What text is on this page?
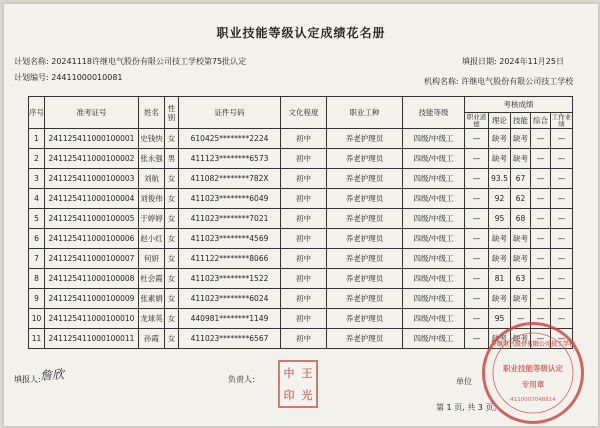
职业技能等级认定成绩花名册
计划名称: 20241118许继电气股份有限公司技工学校第75批认定	填报日期: 2024年11月25日
计划编号: 24411000010081	机构名称: 许继电气股份有限公司技工学校
序号	准考证号	姓名	性别	证件号码	文化程度	职业工种	技能等级	考核成绩				
								职业道德	理论	技能	综合	工作业绩
1	241125411000100001	史钱快	女	610425********2224	初中	养老护理员	四级/中级工	—	缺考	缺考	—	—
2	241125411000100002	张永强	男	411123********6573	初中	养老护理员	四级/中级工	—	缺考	缺考	—	—
3	241125411000100003	刘航	女	411082********782X	初中	养老护理员	四级/中级工	—	93.5	67	—	—
4	241125411000100004	刘俊伟	女	411023********6049	初中	养老护理员	四级/中级工	—	92	62	—	—
5	241125411000100005	于婷婷	女	411023********7021	初中	养老护理员	四级/中级工	—	95	68	—	—
6	241125411000100006	赵小红	女	411023********4569	初中	养老护理员	四级/中级工	—	缺考	缺考	—	—
7	241125411000100007	何妍	女	411122********8066	初中	养老护理员	四级/中级工	—	缺考	缺考	—	—
8	241125411000100008	杜会霞	女	411023********1522	初中	养老护理员	四级/中级工	—	81	63	—	—
9	241125411000100009	张素娟	女	411023********6024	初中	养老护理员	四级/中级工	—	缺考	缺考	—	—
10	241125411000100010	龙球英	女	440981********1149	初中	养老护理员	四级/中级工	—	95	—	—	—
11	241125411000100011	孙霞	女	411023********6567	初中	养老护理员	四级/中级工	—	缺考	缺考	—	—
填报人:
詹欣	负责人:	单位
第 1 页, 共 3 页。
中 王
印 光
许继电气股份有限公司技工学校
职业技能等级认定
专用章
4110007048814
